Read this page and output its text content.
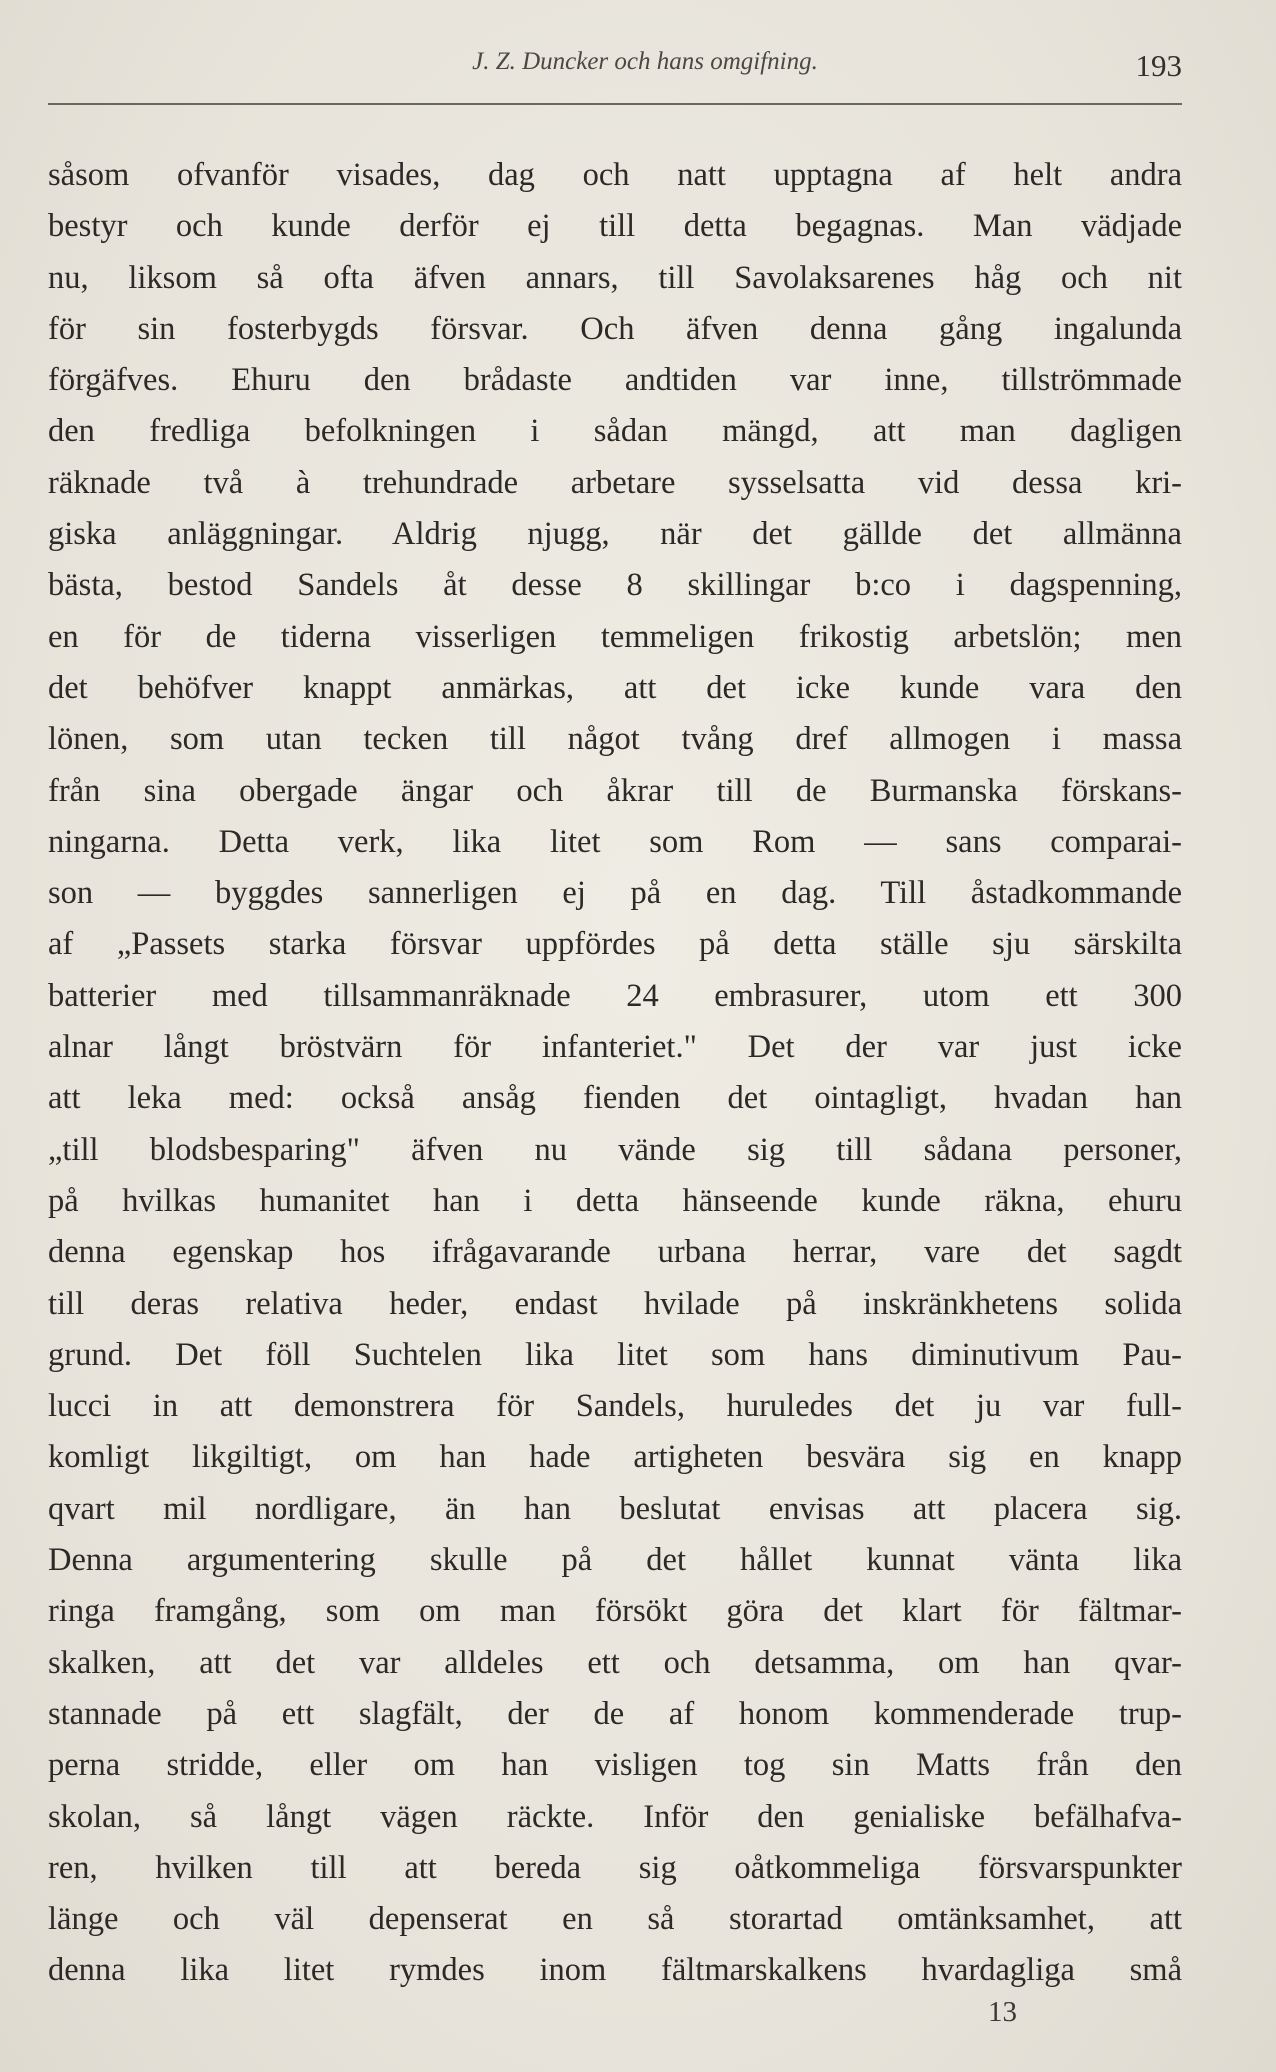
J. Z. Duncker och hans omgifning.	193
såsom ofvanför visades, dag och natt upptagna af helt andra
bestyr och kunde derför ej till detta begagnas. Man vädjade
nu, liksom så ofta äfven annars, till Savolaksarenes håg och nit
för sin fosterbygds försvar. Och äfven denna gång ingalunda
förgäfves. Ehuru den brådaste andtiden var inne, tillströmmade
den fredliga befolkningen i sådan mängd, att man dagligen
räknade två à trehundrade arbetare sysselsatta vid dessa kri-
giska anläggningar. Aldrig njugg, när det gällde det allmänna
bästa, bestod Sandels åt desse 8 skillingar b:co i dagspenning,
en för de tiderna visserligen temmeligen frikostig arbetslön; men
det behöfver knappt anmärkas, att det icke kunde vara den
lönen, som utan tecken till något tvång dref allmogen i massa
från sina obergade ängar och åkrar till de Burmanska förskans-
ningarna. Detta verk, lika litet som Rom — sans comparai-
son — byggdes sannerligen ej på en dag. Till åstadkommande
af „Passets starka försvar uppfördes på detta ställe sju särskilta
batterier med tillsammanräknade 24 embrasurer, utom ett 300
alnar långt bröstvärn för infanteriet." Det der var just icke
att leka med: också ansåg fienden det ointagligt, hvadan han
„till blodsbesparing" äfven nu vände sig till sådana personer,
på hvilkas humanitet han i detta hänseende kunde räkna, ehuru
denna egenskap hos ifrågavarande urbana herrar, vare det sagdt
till deras relativa heder, endast hvilade på inskränkhetens solida
grund. Det föll Suchtelen lika litet som hans diminutivum Pau-
lucci in att demonstrera för Sandels, huruledes det ju var full-
komligt likgiltigt, om han hade artigheten besvära sig en knapp
qvart mil nordligare, än han beslutat envisas att placera sig.
Denna argumentering skulle på det hållet kunnat vänta lika
ringa framgång, som om man försökt göra det klart för fältmar-
skalken, att det var alldeles ett och detsamma, om han qvar-
stannade på ett slagfält, der de af honom kommenderade trup-
perna stridde, eller om han visligen tog sin Matts från den
skolan, så långt vägen räckte. Inför den genialiske befälhafva-
ren, hvilken till att bereda sig oåtkommeliga försvarspunkter
länge och väl depenserat en så storartad omtänksamhet, att
denna lika litet rymdes inom fältmarskalkens hvardagliga små
13
